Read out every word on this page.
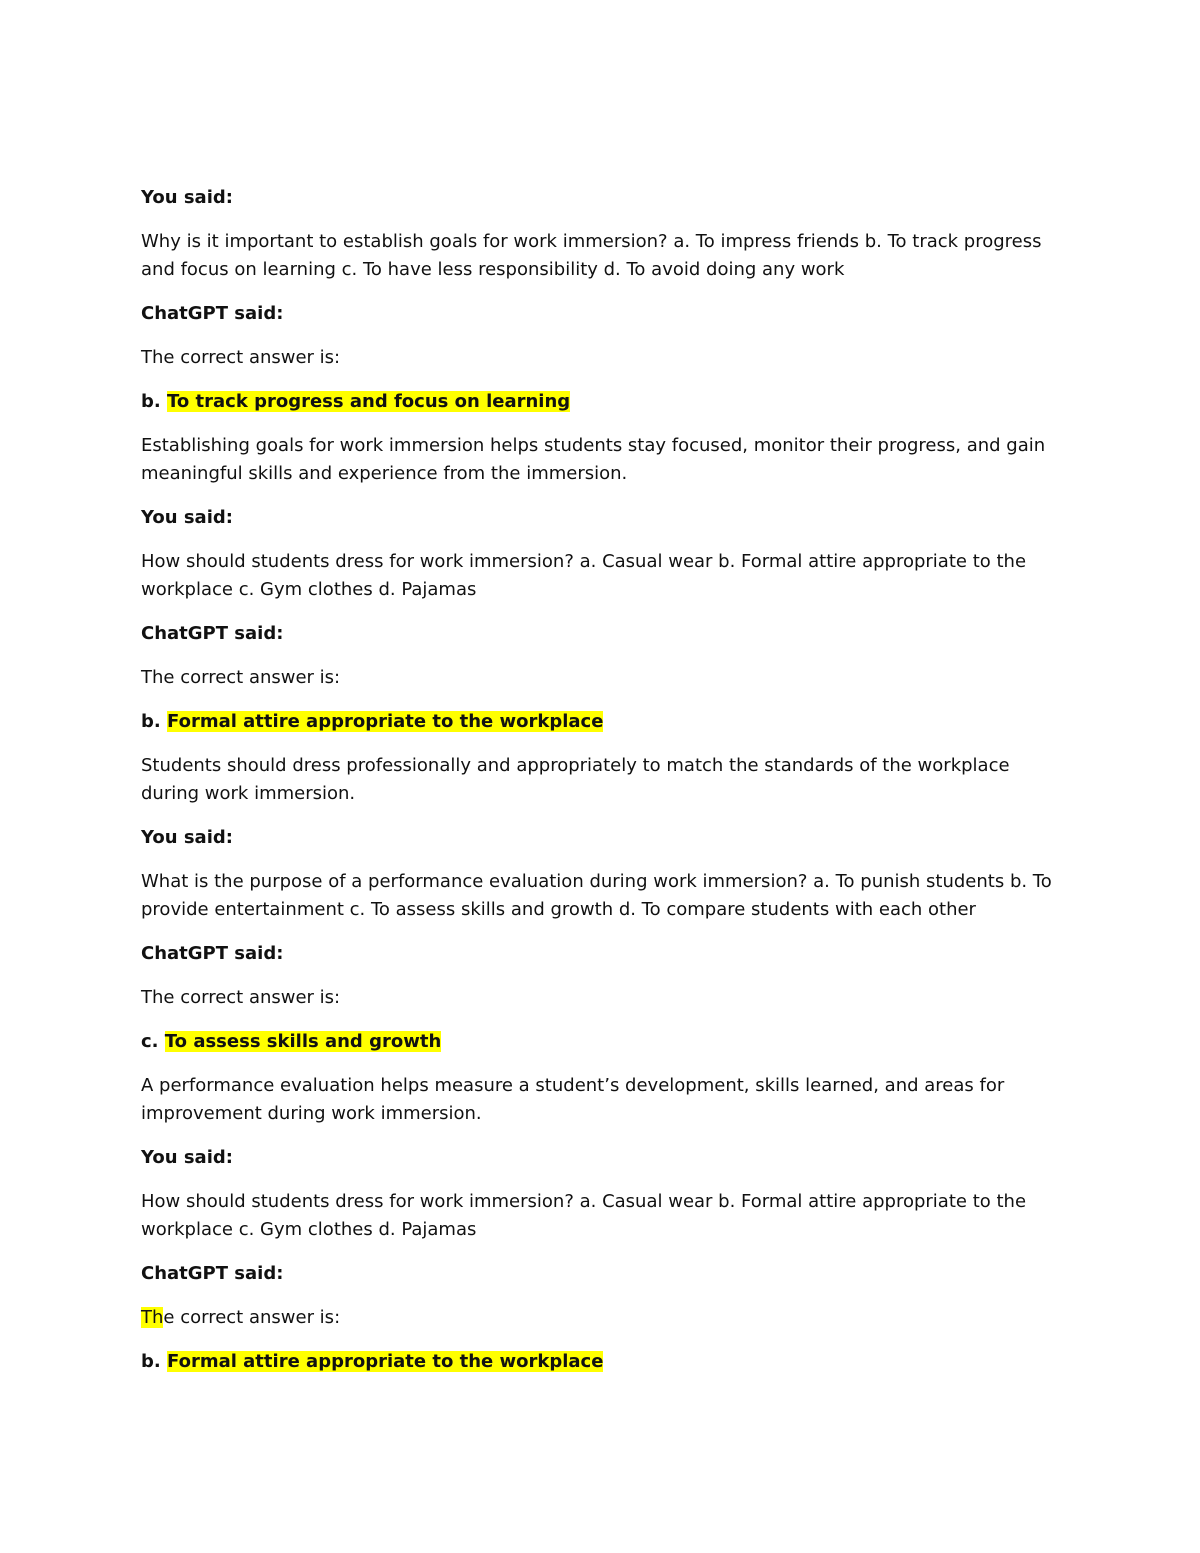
You said:

Why is it important to establish goals for work immersion? a. To impress friends b. To track progress and focus on learning c. To have less responsibility d. To avoid doing any work

ChatGPT said:

The correct answer is:

b. To track progress and focus on learning

Establishing goals for work immersion helps students stay focused, monitor their progress, and gain meaningful skills and experience from the immersion.

You said:

How should students dress for work immersion? a. Casual wear b. Formal attire appropriate to the workplace c. Gym clothes d. Pajamas

ChatGPT said:

The correct answer is:

b. Formal attire appropriate to the workplace

Students should dress professionally and appropriately to match the standards of the workplace during work immersion.

You said:

What is the purpose of a performance evaluation during work immersion? a. To punish students b. To provide entertainment c. To assess skills and growth d. To compare students with each other

ChatGPT said:

The correct answer is:

c. To assess skills and growth

A performance evaluation helps measure a student’s development, skills learned, and areas for improvement during work immersion.

You said:

How should students dress for work immersion? a. Casual wear b. Formal attire appropriate to the workplace c. Gym clothes d. Pajamas

ChatGPT said:

The correct answer is:

b. Formal attire appropriate to the workplace
